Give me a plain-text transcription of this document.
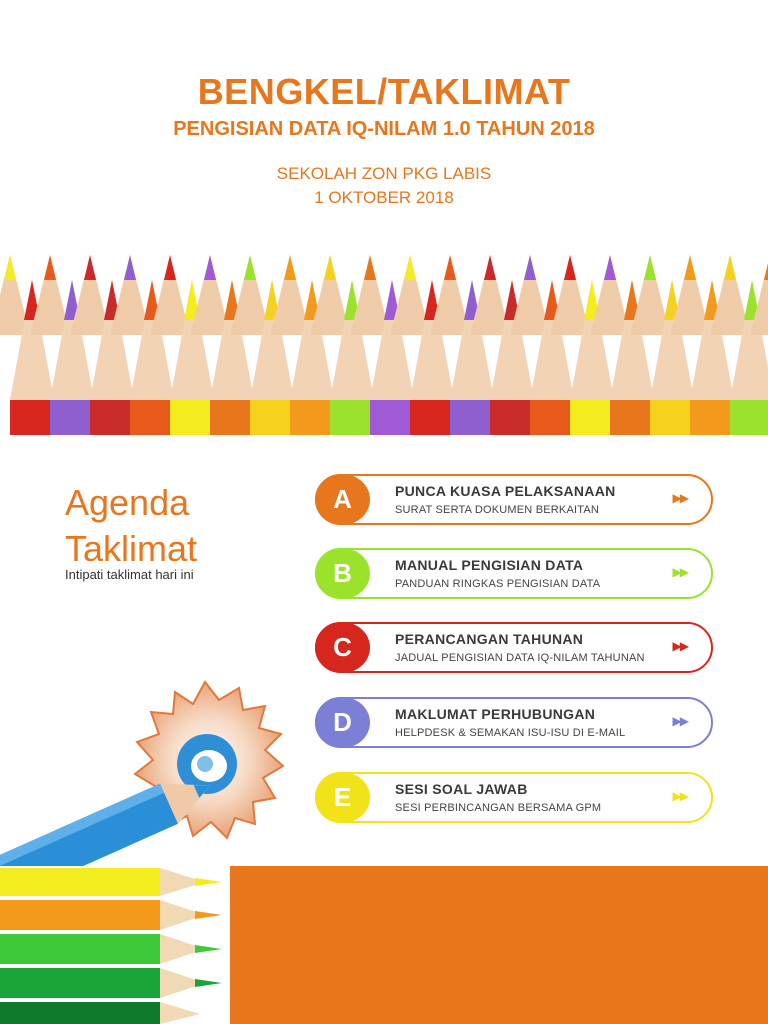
BENGKEL/TAKLIMAT
PENGISIAN DATA IQ-NILAM 1.0 TAHUN 2018
SEKOLAH ZON PKG LABIS
1 OKTOBER 2018
Agenda
Taklimat
Intipati taklimat hari ini
A	PUNCA KUASA PELAKSANAAN
SURAT SERTA DOKUMEN BERKAITAN
▶▶
B	MANUAL PENGISIAN DATA
PANDUAN RINGKAS PENGISIAN DATA
▶▶
C	PERANCANGAN TAHUNAN
JADUAL PENGISIAN DATA IQ-NILAM TAHUNAN
▶▶
D	MAKLUMAT PERHUBUNGAN
HELPDESK & SEMAKAN ISU-ISU DI E-MAIL
▶▶
E	SESI SOAL JAWAB
SESI PERBINCANGAN BERSAMA GPM
▶▶
